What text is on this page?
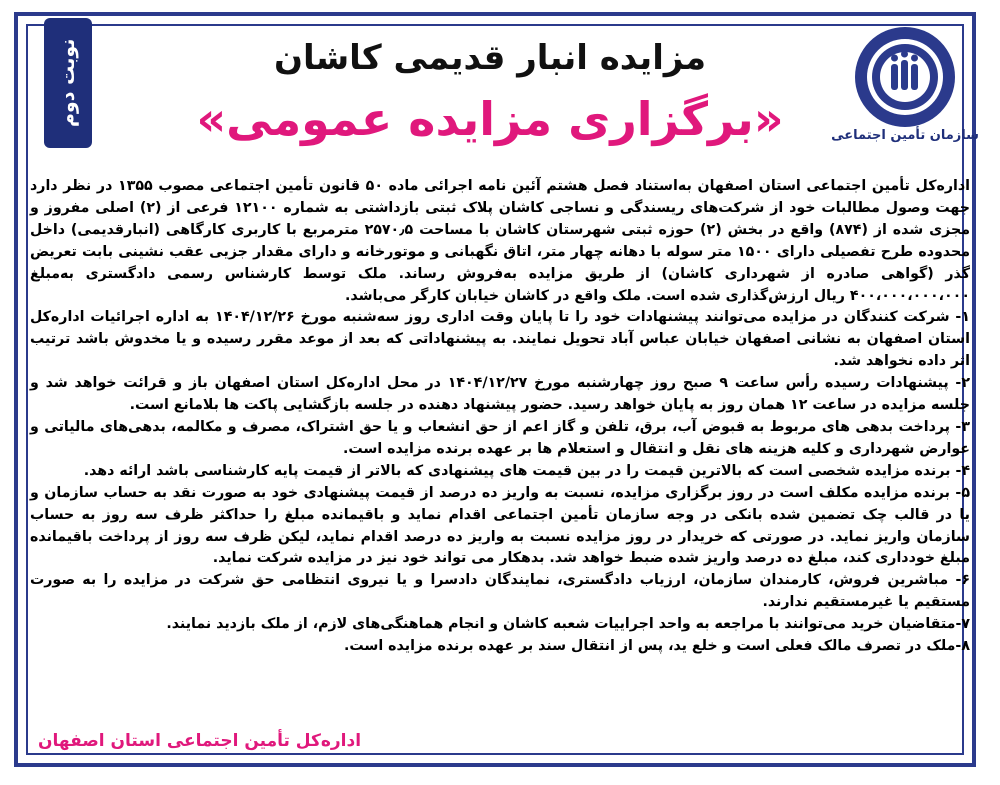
نوبت دوم
سازمان تأمین اجتماعی
مزایده انبار قدیمی کاشان
«برگزاری مزایده عمومی»

اداره‌کل تأمین اجتماعی استان اصفهان به‌استناد فصل هشتم آئین نامه اجرائی ماده ۵۰ قانون تأمین اجتماعی مصوب ۱۳۵۵ در نظر دارد جهت وصول مطالبات خود از شرکت‌های ریسندگی و نساجی کاشان پلاک ثبتی بازداشتی به شماره ۱۲۱۰۰ فرعی از (۲) اصلی مفروز و مجزی شده از (۸۷۴) واقع در بخش (۲) حوزه ثبتی شهرستان کاشان با مساحت ۲۵۷۰٫۵ مترمربع با کاربری کارگاهی (انبارقدیمی) داخل محدوده طرح تفصیلی دارای ۱۵۰۰ متر سوله با دهانه چهار متر، اتاق نگهبانی و موتورخانه و دارای مقدار جزیی عقب نشینی بابت تعریض گذر (گواهی صادره از شهرداری کاشان) از طریق مزایده به‌فروش رساند. ملک توسط کارشناس رسمی دادگستری به‌مبلغ ۴۰۰،۰۰۰،۰۰۰،۰۰۰ ریال ارزش‌گذاری شده است. ملک واقع در کاشان خیابان کارگر می‌باشد.

۱- شرکت کنندگان در مزایده می‌توانند پیشنهادات خود را تا پایان وقت اداری روز سه‌شنبه مورخ ۱۴۰۴/۱۲/۲۶ به اداره اجرائیات اداره‌کل استان اصفهان به نشانی اصفهان خیابان عباس آباد تحویل نمایند. به پیشنهاداتی که بعد از موعد مقرر رسیده و یا مخدوش باشد ترتیب اثر داده نخواهد شد.

۲- پیشنهادات رسیده رأس ساعت ۹ صبح روز چهارشنبه مورخ ۱۴۰۴/۱۲/۲۷ در محل اداره‌کل استان اصفهان باز و قرائت خواهد شد و جلسه مزایده در ساعت ۱۲ همان روز به پایان خواهد رسید. حضور پیشنهاد دهنده در جلسه بازگشایی پاکت ها بلامانع است.

۳- پرداخت بدهی های مربوط به قبوض آب، برق، تلفن و گاز اعم از حق انشعاب و یا حق اشتراک، مصرف و مکالمه، بدهی‌های مالیاتی و عوارض شهرداری و کلیه هزینه های نقل و انتقال و استعلام ها بر عهده برنده مزایده است.

۴- برنده مزایده شخصی است که بالاترین قیمت را در بین قیمت های پیشنهادی که بالاتر از قیمت پایه کارشناسی باشد ارائه دهد.

۵- برنده مزایده مکلف است در روز برگزاری مزایده، نسبت به واریز ده درصد از قیمت پیشنهادی خود به صورت نقد به حساب سازمان و یا در قالب چک تضمین شده بانکی در وجه سازمان تأمین اجتماعی اقدام نماید و باقیمانده مبلغ را حداکثر ظرف سه روز به حساب سازمان واریز نماید. در صورتی که خریدار در روز مزایده نسبت به واریز ده درصد اقدام نماید، لیکن ظرف سه روز از پرداخت باقیمانده مبلغ خودداری کند، مبلغ ده درصد واریز شده ضبط خواهد شد. بدهکار می تواند خود نیز در مزایده شرکت نماید.

۶- مباشرین فروش، کارمندان سازمان، ارزیاب دادگستری، نمایندگان دادسرا و یا نیروی انتظامی حق شرکت در مزایده را به صورت مستقیم یا غیرمستقیم ندارند.

۷-متقاضیان خرید می‌توانند با مراجعه به واحد اجراییات شعبه کاشان و انجام هماهنگی‌های لازم، از ملک بازدید نمایند.

۸-ملک در تصرف مالک فعلی است و خلع ید، پس از انتقال سند بر عهده برنده مزایده است.

اداره‌کل تأمین اجتماعی استان اصفهان
